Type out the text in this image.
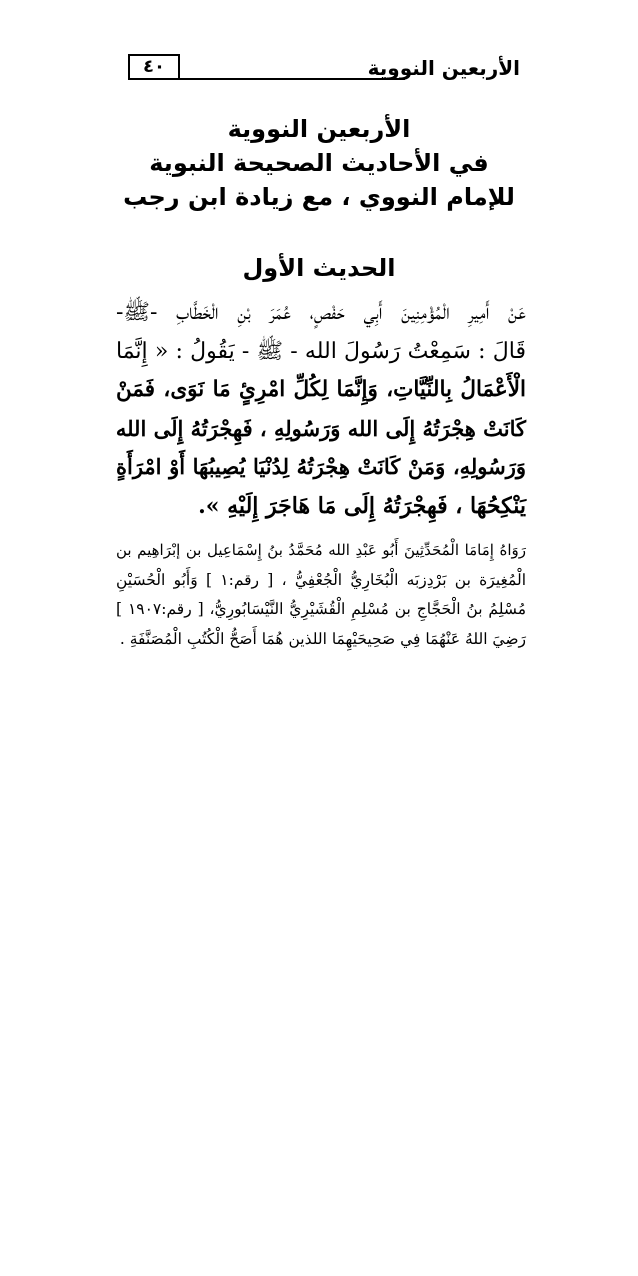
الأربعين النووية
٤٠
الأربعين النووية
في الأحاديث الصحيحة النبوية
للإمام النووي ، مع زيادة ابن رجب
الحديث الأول
عَنْ أَمِيرِ الْمُؤْمِنِينَ أَبِي حَفْصٍ، عُمَرَ بْنِ الْخَطَّابِ -ﷺ-
قَالَ : سَمِعْتُ رَسُولَ الله - ﷺ - يَقُولُ : « إِنَّمَا
الْأَعْمَالُ بِالنِّيَّاتِ، وَإِنَّمَا لِكُلِّ امْرِئٍ مَا نَوَى، فَمَنْ
كَانَتْ هِجْرَتُهُ إِلَى الله وَرَسُولِهِ ، فَهِجْرَتُهُ إِلَى الله
وَرَسُولِهِ، وَمَنْ كَانَتْ هِجْرَتُهُ لِدُنْيَا يُصِيبُهَا أَوْ امْرَأَةٍ
يَنْكِحُهَا ، فَهِجْرَتُهُ إِلَى مَا هَاجَرَ إِلَيْهِ ».
رَوَاهُ إِمَامَا الْمُحَدِّثِينَ أَبُو عَبْدِ الله مُحَمَّدُ بنُ إِسْمَاعِيل بن إبْرَاهِيم بن
الْمُغِيرَة بن بَرْدِزبَه الْبُخَارِيُّ الْجُعْفِيُّ ، [ رقم:١ ] وَأَبُو الْحُسَيْنِ
مُسْلِمُ بنُ الْحَجَّاجِ بن مُسْلِمِ الْقُشَيْرِيُّ النَّيْسَابُورِيُّ، [ رقم:١٩٠٧ ]
رَضِيَ اللهُ عَنْهُمَا فِي صَحِيحَيْهِمَا اللذين هُمَا أَصَحُّ الْكُتُبِ الْمُصَنَّفَةِ .
